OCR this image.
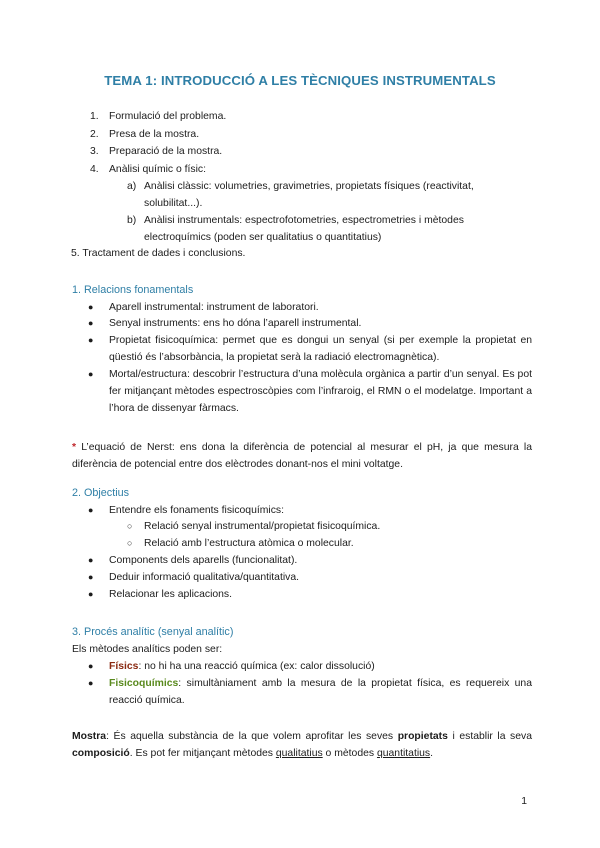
TEMA 1: INTRODUCCIÓ A LES TÈCNIQUES INSTRUMENTALS
1. Formulació del problema.
2. Presa de la mostra.
3. Preparació de la mostra.
4. Anàlisi químic o físic:
a) Anàlisi clàssic: volumetries, gravimetries, propietats físiques (reactivitat, solubilitat...).
b) Anàlisi instrumentals: espectrofotometries, espectrometries i mètodes electroquímics (poden ser qualitatius o quantitatius)
5. Tractament de dades i conclusions.
1. Relacions fonamentals
● Aparell instrumental: instrument de laboratori.
● Senyal instruments: ens ho dóna l’aparell instrumental.
● Propietat fisicoquímica: permet que es dongui un senyal (si per exemple la propietat en qüestió és l’absorbància, la propietat serà la radiació electromagnètica).
● Mortal/estructura: descobrir l’estructura d’una molècula orgànica a partir d’un senyal. Es pot fer mitjançant mètodes espectroscòpies com l’infraroig, el RMN o el modelatge. Important a l’hora de dissenyar fàrmacs.
* L’equació de Nerst: ens dona la diferència de potencial al mesurar el pH, ja que mesura la diferència de potencial entre dos elèctrodes donant-nos el mini voltatge.
2. Objectius
● Entendre els fonaments fisicoquímics:
○ Relació senyal instrumental/propietat fisicoquímica.
○ Relació amb l’estructura atòmica o molecular.
● Components dels aparells (funcionalitat).
● Deduir informació qualitativa/quantitativa.
● Relacionar les aplicacions.
3. Procés analític (senyal analític)
Els mètodes analítics poden ser:
● Físics: no hi ha una reacció química (ex: calor dissolució)
● Fisicoquímics: simultàniament amb la mesura de la propietat física, es requereix una reacció química.
Mostra: És aquella substància de la que volem aprofitar les seves propietats i establir la seva composició. Es pot fer mitjançant mètodes qualitatius o mètodes quantitatius.
1
